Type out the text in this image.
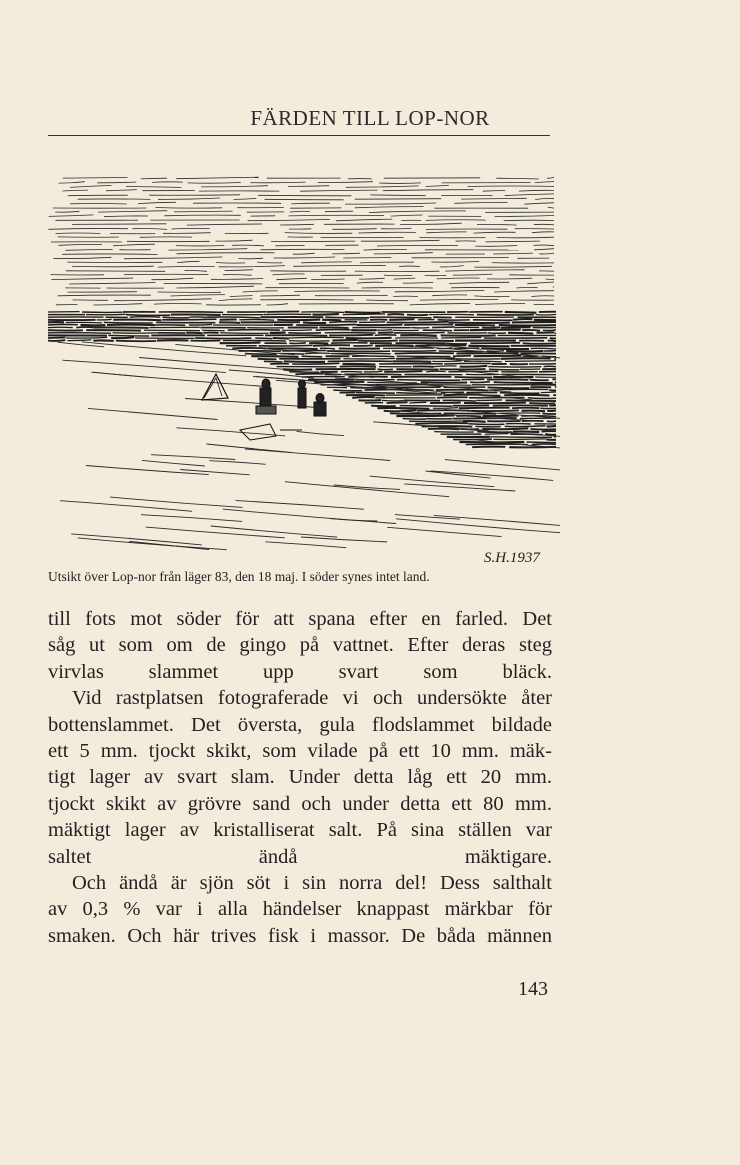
FÄRDEN TILL LOP-NOR
S.H.1937
Utsikt över Lop-nor från läger 83, den 18 maj. I söder synes intet land.

till fots mot söder för att spana efter en farled. Det
såg ut som om de gingo på vattnet. Efter deras steg
virvlas slammet upp svart som bläck.

Vid rastplatsen fotograferade vi och undersökte åter
bottenslammet. Det översta, gula flodslammet bildade
ett 5 mm. tjockt skikt, som vilade på ett 10 mm. mäk-
tigt lager av svart slam. Under detta låg ett 20 mm.
tjockt skikt av grövre sand och under detta ett 80 mm.
mäktigt lager av kristalliserat salt. På sina ställen var
saltet ändå mäktigare.

Och ändå är sjön söt i sin norra del! Dess salthalt
av 0,3 % var i alla händelser knappast märkbar för
smaken. Och här trives fisk i massor. De båda männen

143
